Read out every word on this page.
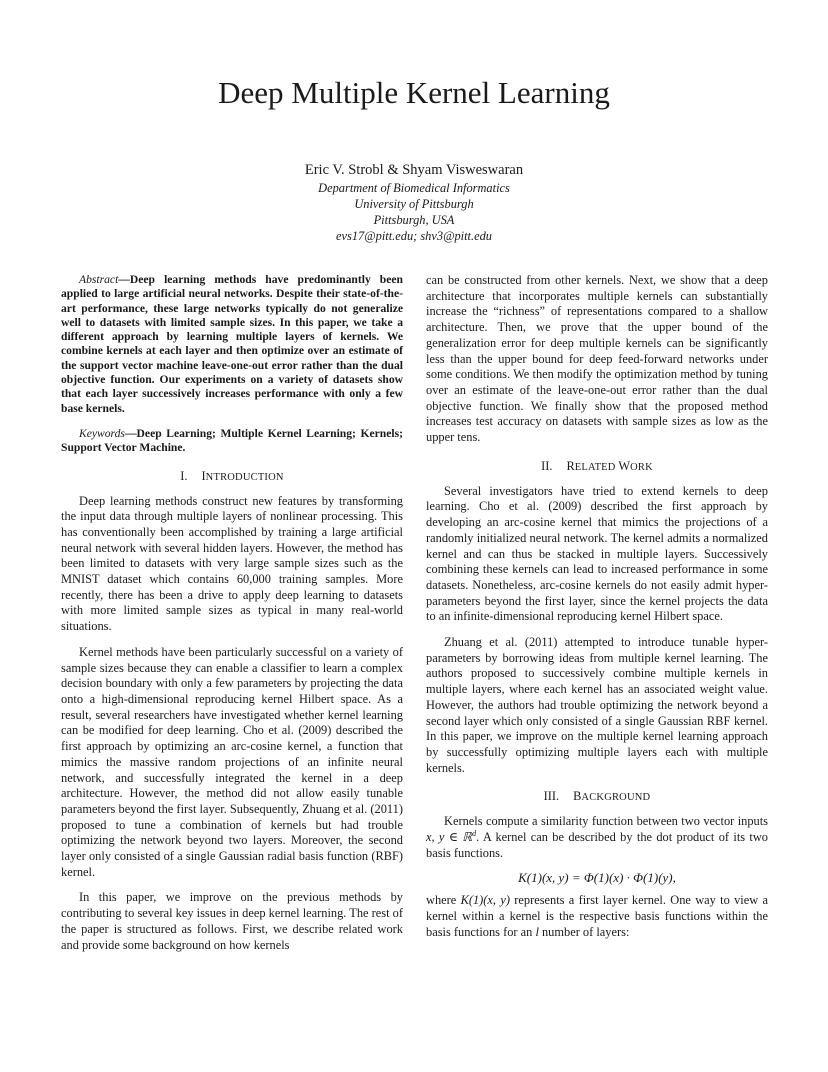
Deep Multiple Kernel Learning
Eric V. Strobl & Shyam Visweswaran
Department of Biomedical Informatics
University of Pittsburgh
Pittsburgh, USA
evs17@pitt.edu; shv3@pitt.edu

Abstract—Deep learning methods have predominantly been applied to large artificial neural networks. Despite their state-of-the-art performance, these large networks typically do not generalize well to datasets with limited sample sizes. In this paper, we take a different approach by learning multiple layers of kernels. We combine kernels at each layer and then optimize over an estimate of the support vector machine leave-one-out error rather than the dual objective function. Our experiments on a variety of datasets show that each layer successively increases performance with only a few base kernels.

Keywords—Deep Learning; Multiple Kernel Learning; Kernels; Support Vector Machine.

I. INTRODUCTION

Deep learning methods construct new features by transforming the input data through multiple layers of nonlinear processing. This has conventionally been accomplished by training a large artificial neural network with several hidden layers. However, the method has been limited to datasets with very large sample sizes such as the MNIST dataset which contains 60,000 training samples. More recently, there has been a drive to apply deep learning to datasets with more limited sample sizes as typical in many real-world situations.

Kernel methods have been particularly successful on a variety of sample sizes because they can enable a classifier to learn a complex decision boundary with only a few parameters by projecting the data onto a high-dimensional reproducing kernel Hilbert space. As a result, several researchers have investigated whether kernel learning can be modified for deep learning. Cho et al. (2009) described the first approach by optimizing an arc-cosine kernel, a function that mimics the massive random projections of an infinite neural network, and successfully integrated the kernel in a deep architecture. However, the method did not allow easily tunable parameters beyond the first layer. Subsequently, Zhuang et al. (2011) proposed to tune a combination of kernels but had trouble optimizing the network beyond two layers. Moreover, the second layer only consisted of a single Gaussian radial basis function (RBF) kernel.

In this paper, we improve on the previous methods by contributing to several key issues in deep kernel learning. The rest of the paper is structured as follows. First, we describe related work and provide some background on how kernels

can be constructed from other kernels. Next, we show that a deep architecture that incorporates multiple kernels can substantially increase the “richness” of representations compared to a shallow architecture. Then, we prove that the upper bound of the generalization error for deep multiple kernels can be significantly less than the upper bound for deep feed-forward networks under some conditions. We then modify the optimization method by tuning over an estimate of the leave-one-out error rather than the dual objective function. We finally show that the proposed method increases test accuracy on datasets with sample sizes as low as the upper tens.

II. RELATED WORK

Several investigators have tried to extend kernels to deep learning. Cho et al. (2009) described the first approach by developing an arc-cosine kernel that mimics the projections of a randomly initialized neural network. The kernel admits a normalized kernel and can thus be stacked in multiple layers. Successively combining these kernels can lead to increased performance in some datasets. Nonetheless, arc-cosine kernels do not easily admit hyper-parameters beyond the first layer, since the kernel projects the data to an infinite-dimensional reproducing kernel Hilbert space.

Zhuang et al. (2011) attempted to introduce tunable hyper-parameters by borrowing ideas from multiple kernel learning. The authors proposed to successively combine multiple kernels in multiple layers, where each kernel has an associated weight value. However, the authors had trouble optimizing the network beyond a second layer which only consisted of a single Gaussian RBF kernel. In this paper, we improve on the multiple kernel learning approach by successfully optimizing multiple layers each with multiple kernels.

III. BACKGROUND

Kernels compute a similarity function between two vector inputs x, y ∈ ℝ$^d$. A kernel can be described by the dot product of its two basis functions.

K(1)(x, y) = Φ(1)(x) · Φ(1)(y),

where K(1)(x, y) represents a first layer kernel. One way to view a kernel within a kernel is the respective basis functions within the basis functions for an l number of layers:
